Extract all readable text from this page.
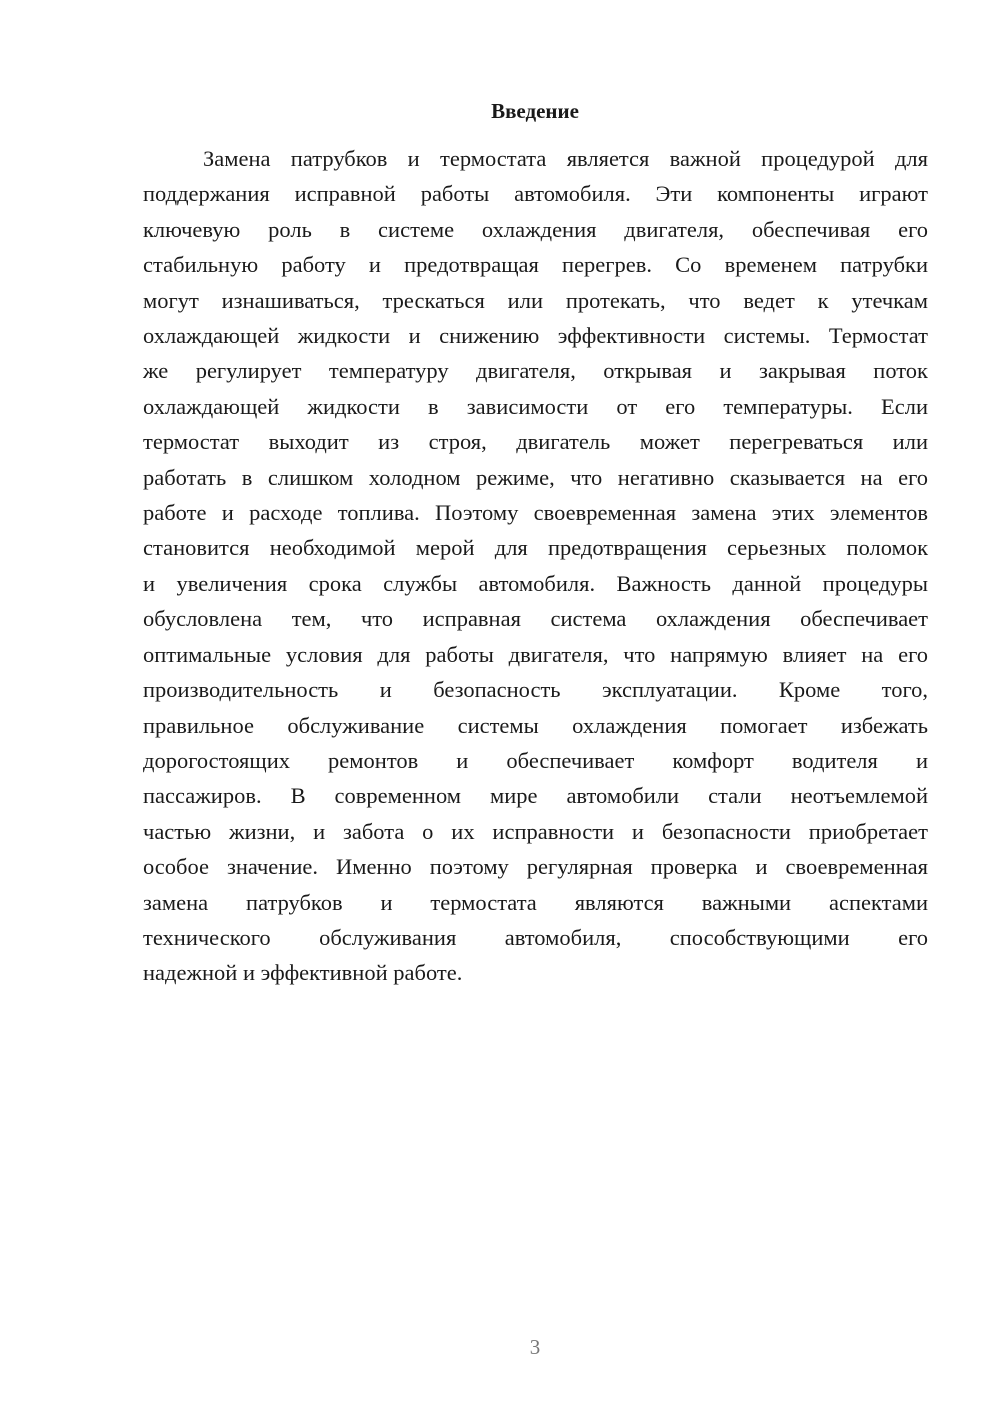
Введение
Замена патрубков и термостата является важной процедурой для
поддержания исправной работы автомобиля. Эти компоненты играют
ключевую роль в системе охлаждения двигателя, обеспечивая его
стабильную работу и предотвращая перегрев. Со временем патрубки
могут изнашиваться, трескаться или протекать, что ведет к утечкам
охлаждающей жидкости и снижению эффективности системы. Термостат
же регулирует температуру двигателя, открывая и закрывая поток
охлаждающей жидкости в зависимости от его температуры. Если
термостат выходит из строя, двигатель может перегреваться или
работать в слишком холодном режиме, что негативно сказывается на его
работе и расходе топлива. Поэтому своевременная замена этих элементов
становится необходимой мерой для предотвращения серьезных поломок
и увеличения срока службы автомобиля. Важность данной процедуры
обусловлена тем, что исправная система охлаждения обеспечивает
оптимальные условия для работы двигателя, что напрямую влияет на его
производительность и безопасность эксплуатации. Кроме того,
правильное обслуживание системы охлаждения помогает избежать
дорогостоящих ремонтов и обеспечивает комфорт водителя и
пассажиров. В современном мире автомобили стали неотъемлемой
частью жизни, и забота о их исправности и безопасности приобретает
особое значение. Именно поэтому регулярная проверка и своевременная
замена патрубков и термостата являются важными аспектами
технического обслуживания автомобиля, способствующими его
надежной и эффективной работе.
3
